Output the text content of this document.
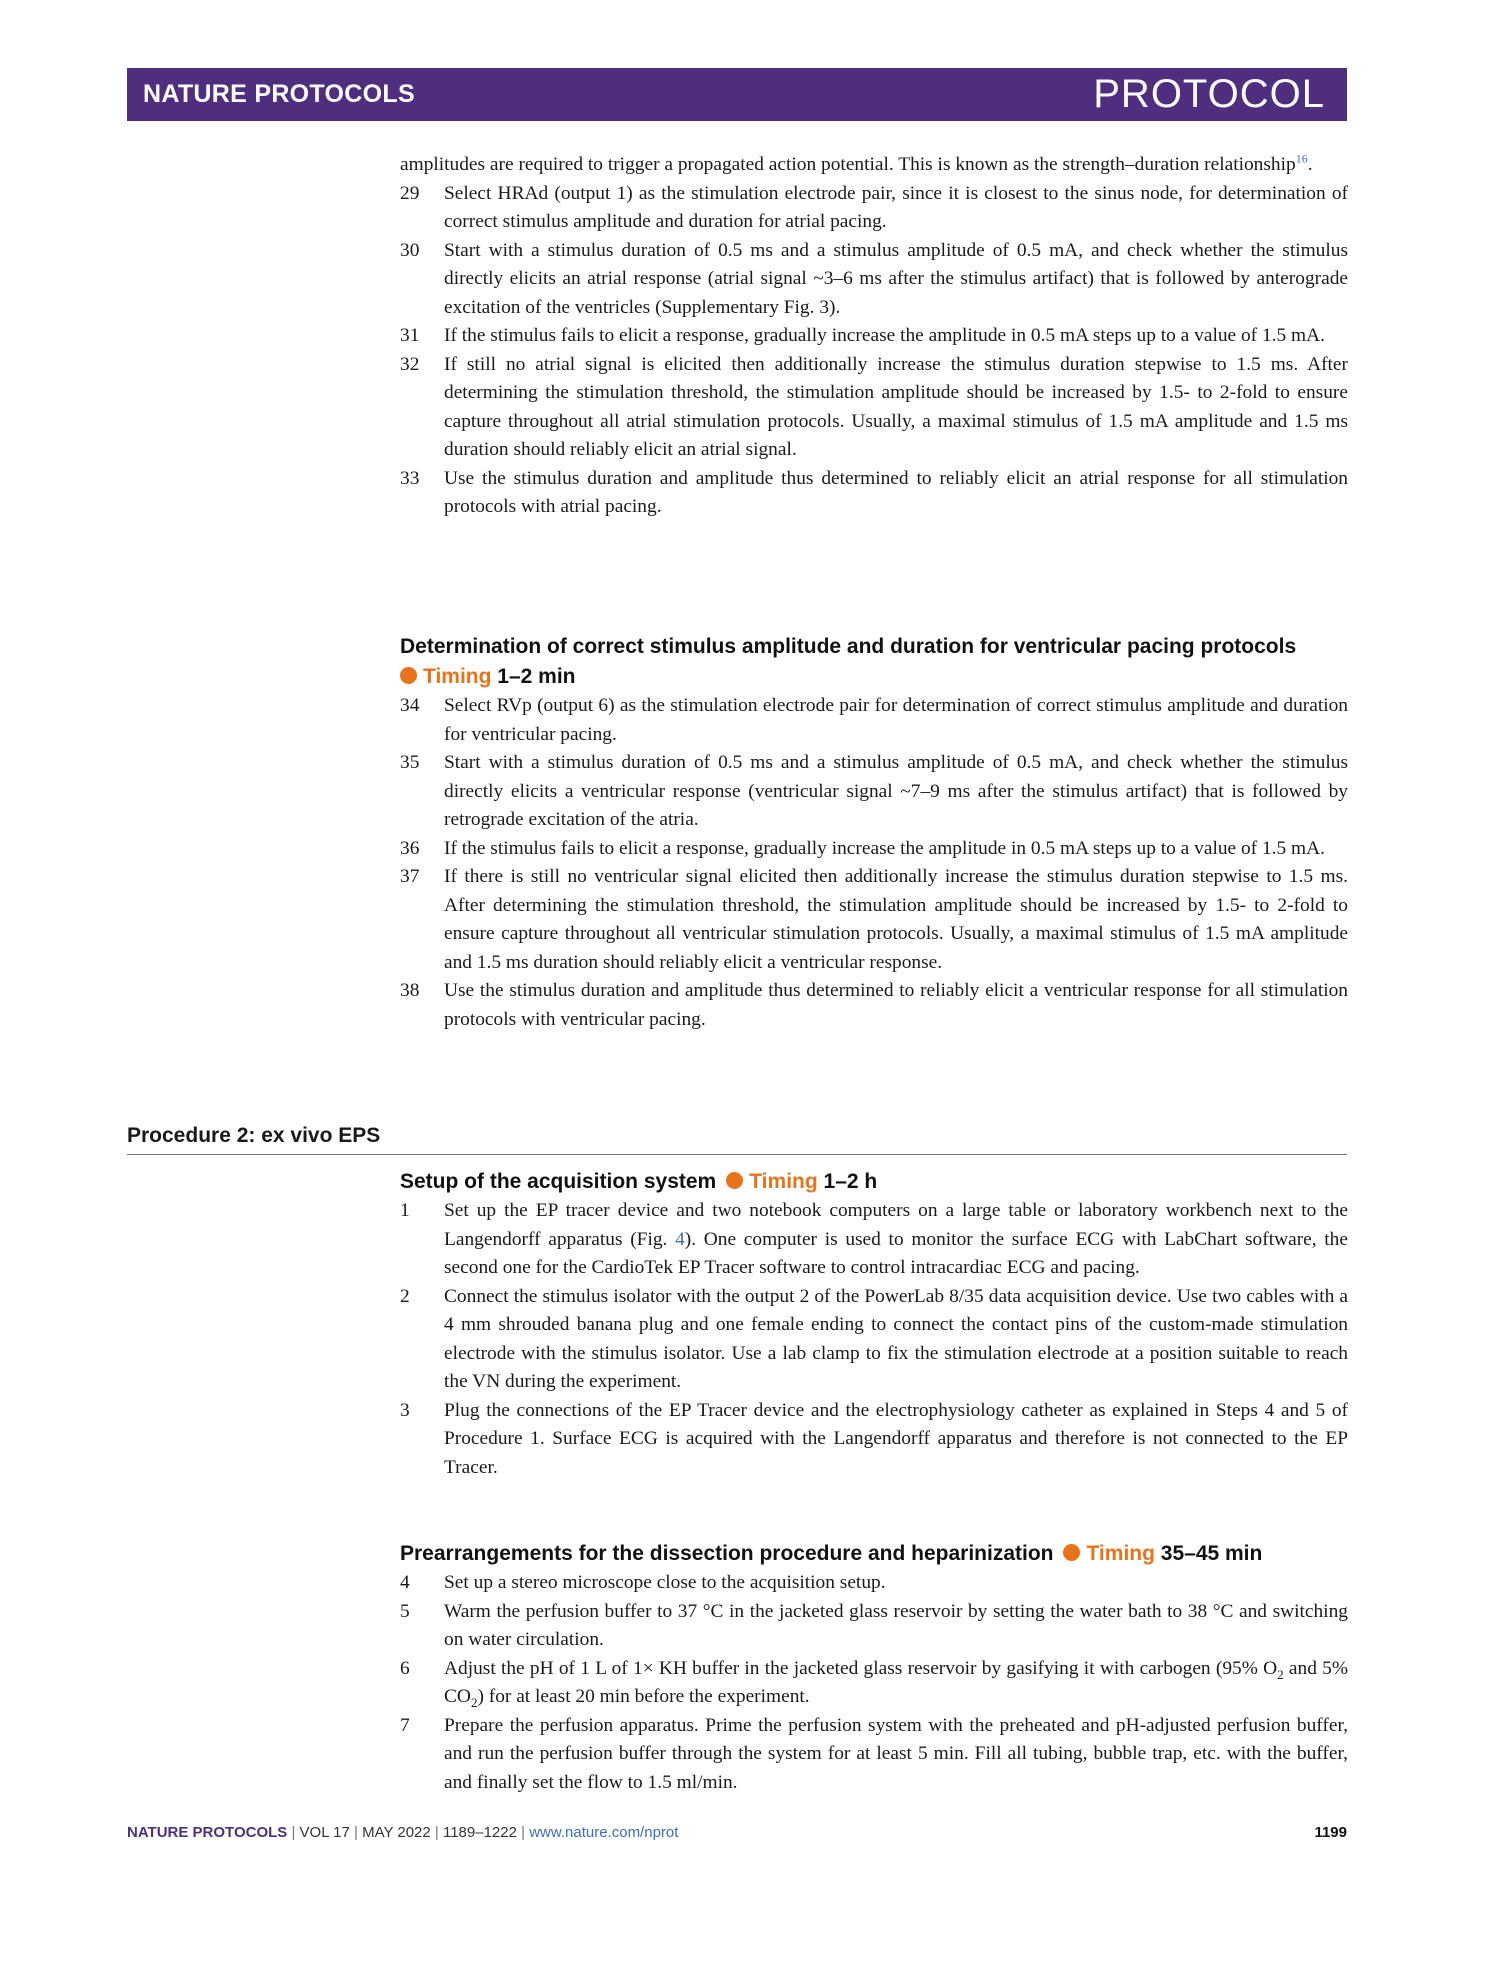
NATURE PROTOCOLS	PROTOCOL

amplitudes are required to trigger a propagated action potential. This is known as the strength–duration relationship$^{16}$.

29 Select HRAd (output 1) as the stimulation electrode pair, since it is closest to the sinus node, for determination of correct stimulus amplitude and duration for atrial pacing.
30 Start with a stimulus duration of 0.5 ms and a stimulus amplitude of 0.5 mA, and check whether the stimulus directly elicits an atrial response (atrial signal ~3–6 ms after the stimulus artifact) that is followed by anterograde excitation of the ventricles (Supplementary Fig. 3).
31 If the stimulus fails to elicit a response, gradually increase the amplitude in 0.5 mA steps up to a value of 1.5 mA.
32 If still no atrial signal is elicited then additionally increase the stimulus duration stepwise to 1.5 ms. After determining the stimulation threshold, the stimulation amplitude should be increased by 1.5- to 2-fold to ensure capture throughout all atrial stimulation protocols. Usually, a maximal stimulus of 1.5 mA amplitude and 1.5 ms duration should reliably elicit an atrial signal.
33 Use the stimulus duration and amplitude thus determined to reliably elicit an atrial response for all stimulation protocols with atrial pacing.
Determination of correct stimulus amplitude and duration for ventricular pacing protocols
Timing 1–2 min
34 Select RVp (output 6) as the stimulation electrode pair for determination of correct stimulus amplitude and duration for ventricular pacing.
35 Start with a stimulus duration of 0.5 ms and a stimulus amplitude of 0.5 mA, and check whether the stimulus directly elicits a ventricular response (ventricular signal ~7–9 ms after the stimulus artifact) that is followed by retrograde excitation of the atria.
36 If the stimulus fails to elicit a response, gradually increase the amplitude in 0.5 mA steps up to a value of 1.5 mA.
37 If there is still no ventricular signal elicited then additionally increase the stimulus duration stepwise to 1.5 ms. After determining the stimulation threshold, the stimulation amplitude should be increased by 1.5- to 2-fold to ensure capture throughout all ventricular stimulation protocols. Usually, a maximal stimulus of 1.5 mA amplitude and 1.5 ms duration should reliably elicit a ventricular response.
38 Use the stimulus duration and amplitude thus determined to reliably elicit a ventricular response for all stimulation protocols with ventricular pacing.
Procedure 2: ex vivo EPS
Setup of the acquisition system Timing 1–2 h
1 Set up the EP tracer device and two notebook computers on a large table or laboratory workbench next to the Langendorff apparatus (Fig. 4). One computer is used to monitor the surface ECG with LabChart software, the second one for the CardioTek EP Tracer software to control intracardiac ECG and pacing.
2 Connect the stimulus isolator with the output 2 of the PowerLab 8/35 data acquisition device. Use two cables with a 4 mm shrouded banana plug and one female ending to connect the contact pins of the custom-made stimulation electrode with the stimulus isolator. Use a lab clamp to fix the stimulation electrode at a position suitable to reach the VN during the experiment.
3 Plug the connections of the EP Tracer device and the electrophysiology catheter as explained in Steps 4 and 5 of Procedure 1. Surface ECG is acquired with the Langendorff apparatus and therefore is not connected to the EP Tracer.
Prearrangements for the dissection procedure and heparinization Timing 35–45 min
4 Set up a stereo microscope close to the acquisition setup.
5 Warm the perfusion buffer to 37 °C in the jacketed glass reservoir by setting the water bath to 38 °C and switching on water circulation.
6 Adjust the pH of 1 L of 1× KH buffer in the jacketed glass reservoir by gasifying it with carbogen (95% $O_2$ and 5% $CO_2$) for at least 20 min before the experiment.
7 Prepare the perfusion apparatus. Prime the perfusion system with the preheated and pH-adjusted perfusion buffer, and run the perfusion buffer through the system for at least 5 min. Fill all tubing, bubble trap, etc. with the buffer, and finally set the flow to 1.5 ml/min.
NATURE PROTOCOLS | VOL 17 | MAY 2022 | 1189–1222 | www.nature.com/nprot	1199
